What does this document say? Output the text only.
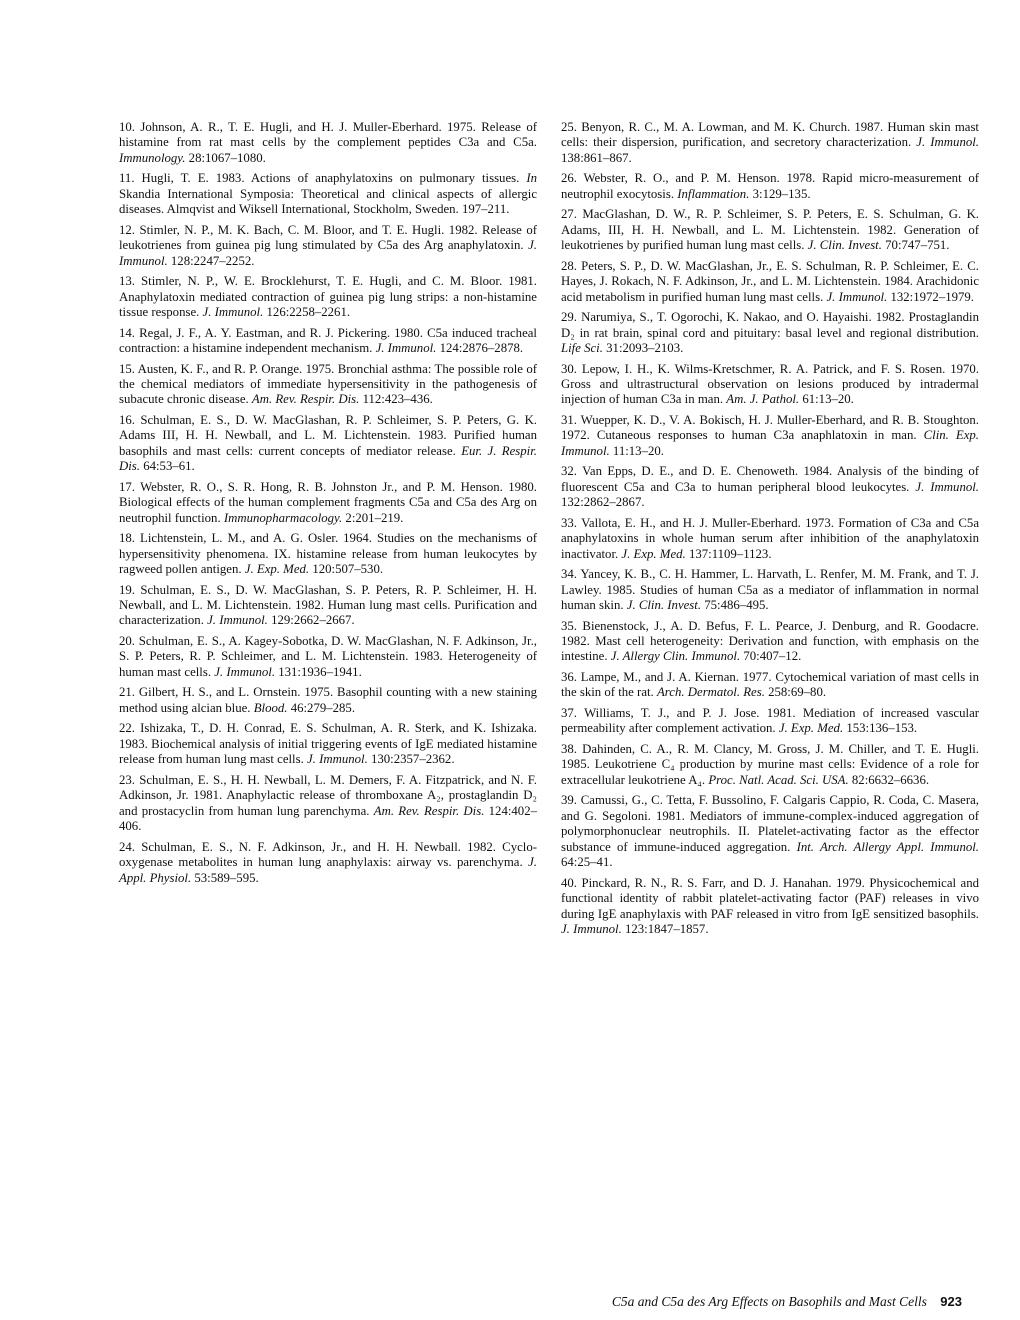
10. Johnson, A. R., T. E. Hugli, and H. J. Muller-Eberhard. 1975. Release of histamine from rat mast cells by the complement peptides C3a and C5a. Immunology. 28:1067–1080.

11. Hugli, T. E. 1983. Actions of anaphylatoxins on pulmonary tissues. In Skandia International Symposia: Theoretical and clinical aspects of allergic diseases. Almqvist and Wiksell International, Stockholm, Sweden. 197–211.

12. Stimler, N. P., M. K. Bach, C. M. Bloor, and T. E. Hugli. 1982. Release of leukotrienes from guinea pig lung stimulated by C5a des Arg anaphylatoxin. J. Immunol. 128:2247–2252.

13. Stimler, N. P., W. E. Brocklehurst, T. E. Hugli, and C. M. Bloor. 1981. Anaphylatoxin mediated contraction of guinea pig lung strips: a non-histamine tissue response. J. Immunol. 126:2258–2261.

14. Regal, J. F., A. Y. Eastman, and R. J. Pickering. 1980. C5a induced tracheal contraction: a histamine independent mechanism. J. Immunol. 124:2876–2878.

15. Austen, K. F., and R. P. Orange. 1975. Bronchial asthma: The possible role of the chemical mediators of immediate hypersensitivity in the pathogenesis of subacute chronic disease. Am. Rev. Respir. Dis. 112:423–436.

16. Schulman, E. S., D. W. MacGlashan, R. P. Schleimer, S. P. Peters, G. K. Adams III, H. H. Newball, and L. M. Lichtenstein. 1983. Purified human basophils and mast cells: current concepts of mediator release. Eur. J. Respir. Dis. 64:53–61.

17. Webster, R. O., S. R. Hong, R. B. Johnston Jr., and P. M. Henson. 1980. Biological effects of the human complement fragments C5a and C5a des Arg on neutrophil function. Immunopharmacology. 2:201–219.

18. Lichtenstein, L. M., and A. G. Osler. 1964. Studies on the mechanisms of hypersensitivity phenomena. IX. histamine release from human leukocytes by ragweed pollen antigen. J. Exp. Med. 120:507–530.

19. Schulman, E. S., D. W. MacGlashan, S. P. Peters, R. P. Schleimer, H. H. Newball, and L. M. Lichtenstein. 1982. Human lung mast cells. Purification and characterization. J. Immunol. 129:2662–2667.

20. Schulman, E. S., A. Kagey-Sobotka, D. W. MacGlashan, N. F. Adkinson, Jr., S. P. Peters, R. P. Schleimer, and L. M. Lichtenstein. 1983. Heterogeneity of human mast cells. J. Immunol. 131:1936–1941.

21. Gilbert, H. S., and L. Ornstein. 1975. Basophil counting with a new staining method using alcian blue. Blood. 46:279–285.

22. Ishizaka, T., D. H. Conrad, E. S. Schulman, A. R. Sterk, and K. Ishizaka. 1983. Biochemical analysis of initial triggering events of IgE mediated histamine release from human lung mast cells. J. Immunol. 130:2357–2362.

23. Schulman, E. S., H. H. Newball, L. M. Demers, F. A. Fitzpatrick, and N. F. Adkinson, Jr. 1981. Anaphylactic release of thromboxane A₂, prostaglandin D₂ and prostacyclin from human lung parenchyma. Am. Rev. Respir. Dis. 124:402–406.

24. Schulman, E. S., N. F. Adkinson, Jr., and H. H. Newball. 1982. Cyclo-oxygenase metabolites in human lung anaphylaxis: airway vs. parenchyma. J. Appl. Physiol. 53:589–595.

25. Benyon, R. C., M. A. Lowman, and M. K. Church. 1987. Human skin mast cells: their dispersion, purification, and secretory characterization. J. Immunol. 138:861–867.

26. Webster, R. O., and P. M. Henson. 1978. Rapid micro-measurement of neutrophil exocytosis. Inflammation. 3:129–135.

27. MacGlashan, D. W., R. P. Schleimer, S. P. Peters, E. S. Schulman, G. K. Adams, III, H. H. Newball, and L. M. Lichtenstein. 1982. Generation of leukotrienes by purified human lung mast cells. J. Clin. Invest. 70:747–751.

28. Peters, S. P., D. W. MacGlashan, Jr., E. S. Schulman, R. P. Schleimer, E. C. Hayes, J. Rokach, N. F. Adkinson, Jr., and L. M. Lichtenstein. 1984. Arachidonic acid metabolism in purified human lung mast cells. J. Immunol. 132:1972–1979.

29. Narumiya, S., T. Ogorochi, K. Nakao, and O. Hayaishi. 1982. Prostaglandin D₂ in rat brain, spinal cord and pituitary: basal level and regional distribution. Life Sci. 31:2093–2103.

30. Lepow, I. H., K. Wilms-Kretschmer, R. A. Patrick, and F. S. Rosen. 1970. Gross and ultrastructural observation on lesions produced by intradermal injection of human C3a in man. Am. J. Pathol. 61:13–20.

31. Wuepper, K. D., V. A. Bokisch, H. J. Muller-Eberhard, and R. B. Stoughton. 1972. Cutaneous responses to human C3a anaphlatoxin in man. Clin. Exp. Immunol. 11:13–20.

32. Van Epps, D. E., and D. E. Chenoweth. 1984. Analysis of the binding of fluorescent C5a and C3a to human peripheral blood leukocytes. J. Immunol. 132:2862–2867.

33. Vallota, E. H., and H. J. Muller-Eberhard. 1973. Formation of C3a and C5a anaphylatoxins in whole human serum after inhibition of the anaphylatoxin inactivator. J. Exp. Med. 137:1109–1123.

34. Yancey, K. B., C. H. Hammer, L. Harvath, L. Renfer, M. M. Frank, and T. J. Lawley. 1985. Studies of human C5a as a mediator of inflammation in normal human skin. J. Clin. Invest. 75:486–495.

35. Bienenstock, J., A. D. Befus, F. L. Pearce, J. Denburg, and R. Goodacre. 1982. Mast cell heterogeneity: Derivation and function, with emphasis on the intestine. J. Allergy Clin. Immunol. 70:407–12.

36. Lampe, M., and J. A. Kiernan. 1977. Cytochemical variation of mast cells in the skin of the rat. Arch. Dermatol. Res. 258:69–80.

37. Williams, T. J., and P. J. Jose. 1981. Mediation of increased vascular permeability after complement activation. J. Exp. Med. 153:136–153.

38. Dahinden, C. A., R. M. Clancy, M. Gross, J. M. Chiller, and T. E. Hugli. 1985. Leukotriene C₄ production by murine mast cells: Evidence of a role for extracellular leukotriene A₄. Proc. Natl. Acad. Sci. USA. 82:6632–6636.

39. Camussi, G., C. Tetta, F. Bussolino, F. Calgaris Cappio, R. Coda, C. Masera, and G. Segoloni. 1981. Mediators of immune-complex-induced aggregation of polymorphonuclear neutrophils. II. Platelet-activating factor as the effector substance of immune-induced aggregation. Int. Arch. Allergy Appl. Immunol. 64:25–41.

40. Pinckard, R. N., R. S. Farr, and D. J. Hanahan. 1979. Physicochemical and functional identity of rabbit platelet-activating factor (PAF) releases in vivo during IgE anaphylaxis with PAF released in vitro from IgE sensitized basophils. J. Immunol. 123:1847–1857.

C5a and C5a des Arg Effects on Basophils and Mast Cells 923
